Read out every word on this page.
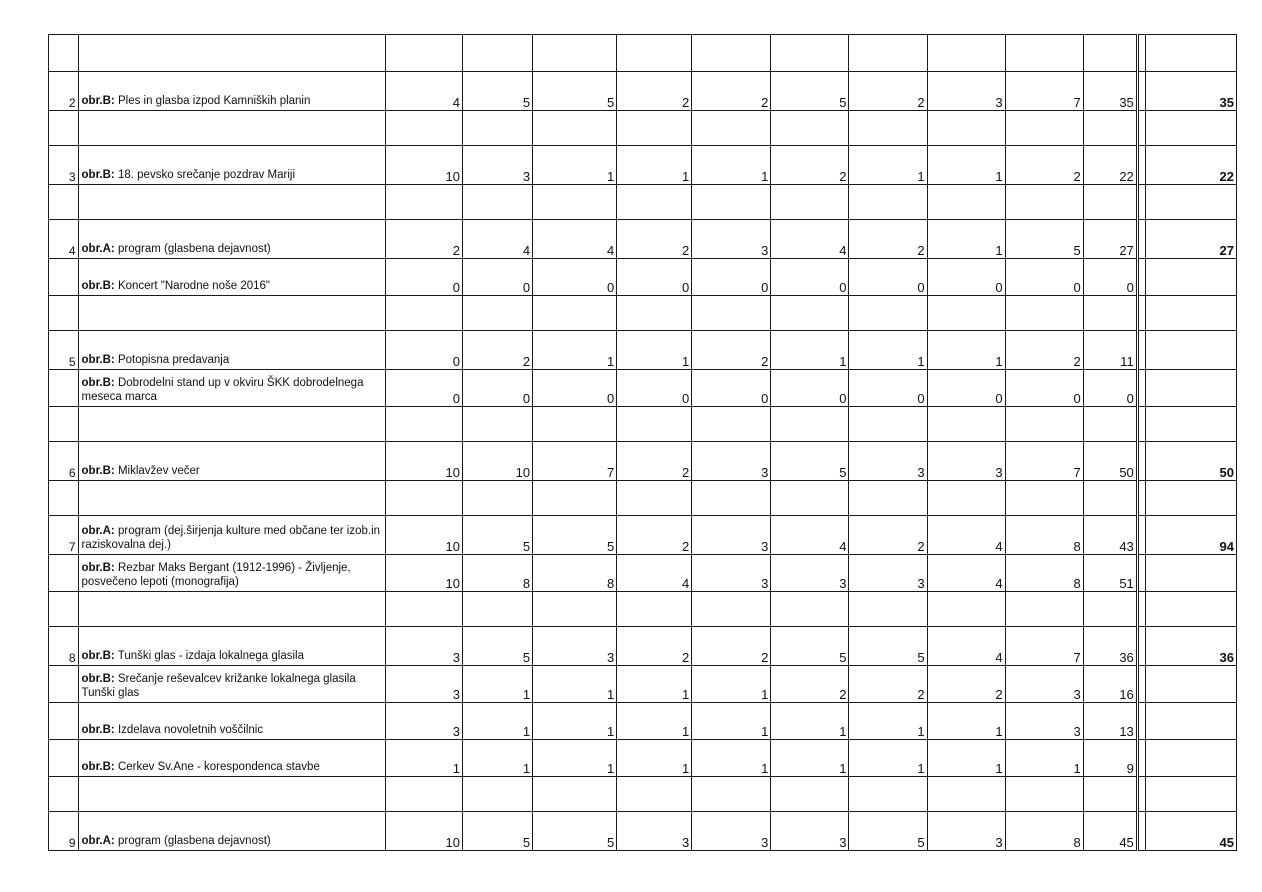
	2	obr.B: Ples in glasba izpod Kamniških planin	4	5	5	2	2	5	2	3	7	35		35

	3	obr.B: 18. pevsko srečanje pozdrav Mariji	10	3	1	1	1	2	1	1	2	22		22

	4	obr.A: program (glasbena dejavnost)	2	4	4	2	3	4	2	1	5	27		27
		obr.B: Koncert "Narodne noše 2016"	0	0	0	0	0	0	0	0	0	0		

	5	obr.B: Potopisna predavanja	0	2	1	1	2	1	1	1	2	11		
		obr.B: Dobrodelni stand up v okviru ŠKK dobrodelnega meseca marca	0	0	0	0	0	0	0	0	0	0		

	6	obr.B: Miklavžev večer	10	10	7	2	3	5	3	3	7	50		50

	7	obr.A: program (dej.širjenja kulture med občane ter izob.in raziskovalna dej.)	10	5	5	2	3	4	2	4	8	43		94
		obr.B: Rezbar Maks Bergant (1912-1996) - Življenje, posvečeno lepoti (monografija)	10	8	8	4	3	3	3	4	8	51		

	8	obr.B: Tunški glas - izdaja lokalnega glasila	3	5	3	2	2	5	5	4	7	36		36
		obr.B: Srečanje reševalcev križanke lokalnega glasila Tunški glas	3	1	1	1	1	2	2	2	3	16		
		obr.B: Izdelava novoletnih voščilnic	3	1	1	1	1	1	1	1	3	13		
		obr.B: Cerkev Sv.Ane - korespondenca stavbe	1	1	1	1	1	1	1	1	1	9		

	9	obr.A: program (glasbena dejavnost)	10	5	5	3	3	3	5	3	8	45		45
